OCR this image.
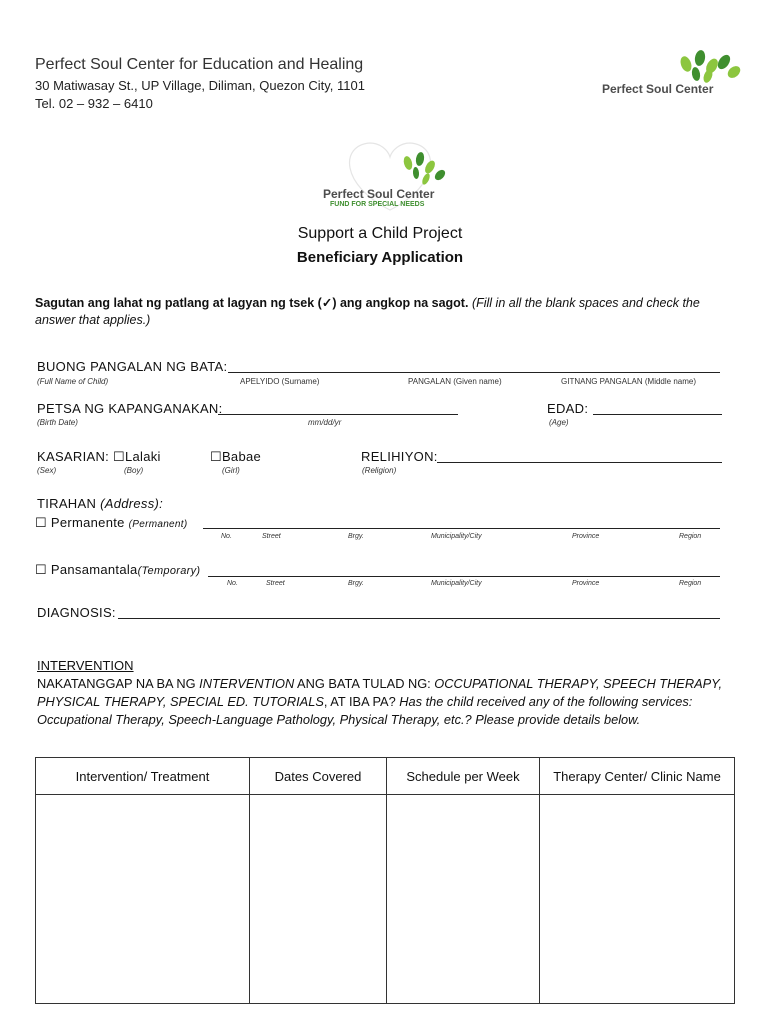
Perfect Soul Center for Education and Healing
30 Matiwasay St., UP Village, Diliman, Quezon City, 1101
Tel. 02 – 932 – 6410
Perfect Soul Center
Perfect Soul Center
FUND FOR SPECIAL NEEDS
Support a Child Project
Beneficiary Application
Sagutan ang lahat ng patlang at lagyan ng tsek (✓) ang angkop na sagot. (Fill in all the blank spaces and check the answer that applies.)
BUONG PANGALAN NG BATA:
(Full Name of Child)	APELYIDO (Surname)	PANGALAN (Given name)	GITNANG PANGALAN (Middle name)
PETSA NG KAPANGANAKAN:
(Birth Date)	mm/dd/yr
EDAD:
(Age)
KASARIAN: ☐Lalaki	☐Babae
(Sex)	(Boy)	(Girl)
RELIHIYON:
(Religion)
TIRAHAN (Address):
☐ Permanente (Permanent)
No.	Street	Brgy.	Municipality/City	Province	Region
☐ Pansamantala(Temporary)
No.	Street	Brgy.	Municipality/City	Province	Region
DIAGNOSIS:
INTERVENTION
NAKATANGGAP NA BA NG INTERVENTION ANG BATA TULAD NG: OCCUPATIONAL THERAPY, SPEECH THERAPY, PHYSICAL THERAPY, SPECIAL ED. TUTORIALS, AT IBA PA? Has the child received any of the following services: Occupational Therapy, Speech-Language Pathology, Physical Therapy, etc.? Please provide details below.
Intervention/ Treatment	Dates Covered	Schedule per Week	Therapy Center/ Clinic Name
